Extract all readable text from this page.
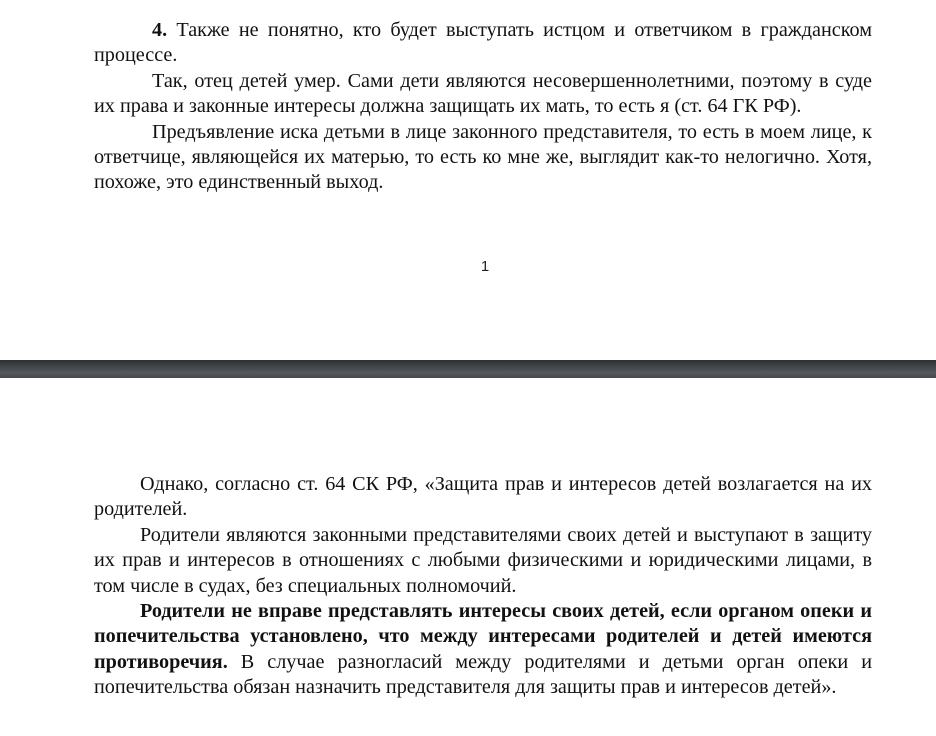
4. Также не понятно, кто будет выступать истцом и ответчиком в гражданском процессе.

Так, отец детей умер. Сами дети являются несовершеннолетними, поэтому в суде их права и законные интересы должна защищать их мать, то есть я (ст. 64 ГК РФ).

Предъявление иска детьми в лице законного представителя, то есть в моем лице, к ответчице, являющейся их матерью, то есть ко мне же, выглядит как-то нелогично. Хотя, похоже, это единственный выход.

1

Однако, согласно ст. 64 СК РФ, «Защита прав и интересов детей возлагается на их родителей.

Родители являются законными представителями своих детей и выступают в защиту их прав и интересов в отношениях с любыми физическими и юридическими лицами, в том числе в судах, без специальных полномочий.

Родители не вправе представлять интересы своих детей, если органом опеки и попечительства установлено, что между интересами родителей и детей имеются противоречия. В случае разногласий между родителями и детьми орган опеки и попечительства обязан назначить представителя для защиты прав и интересов детей».
